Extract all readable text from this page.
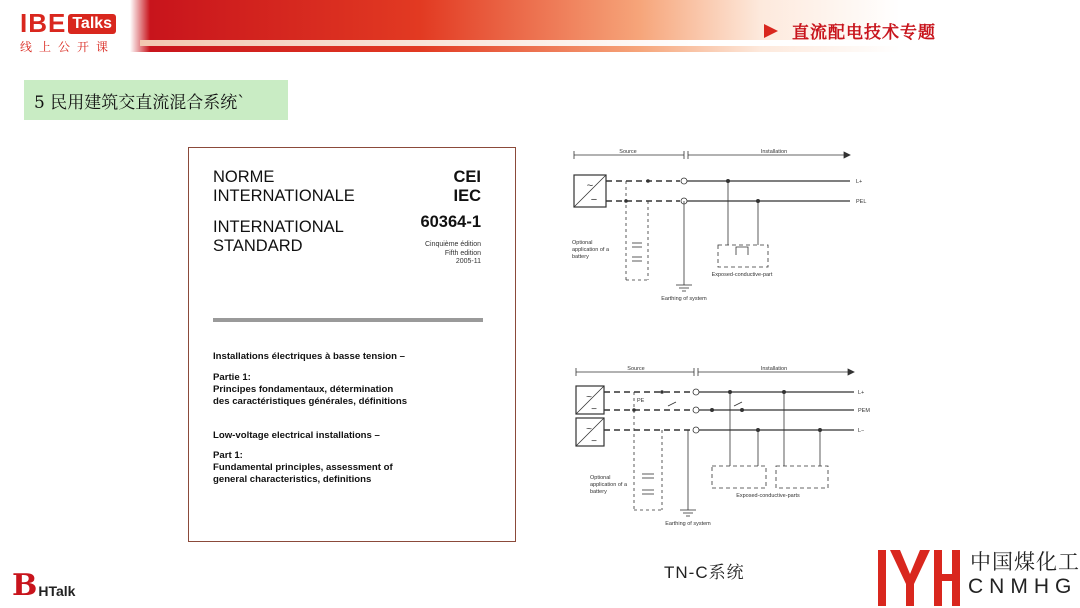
IBE Talks
线上公开课
直流配电技术专题
5 民用建筑交直流混合系统`
NORME
INTERNATIONALE
INTERNATIONAL
STANDARD
CEI
IEC
60364-1
Cinquième édition
Fifth edition
2005-11
Installations électriques à basse tension –
Partie 1:
Principes fondamentaux, détermination
des caractéristiques générales, définitions
Low-voltage electrical installations –
Part 1:
Fundamental principles, assessment of
general characteristics, definitions
~
−
Source	Installation
L+
PEL
Optional
application of a
battery
Exposed-conductive-part
Earthing of system
~
−
~
−
Source	Installation
L+
PEM
L−
PE
Optional
application of a
battery
Exposed-conductive-parts
Earthing of system
TN-C系统
B HTalk
中国煤化工
CNMHG
